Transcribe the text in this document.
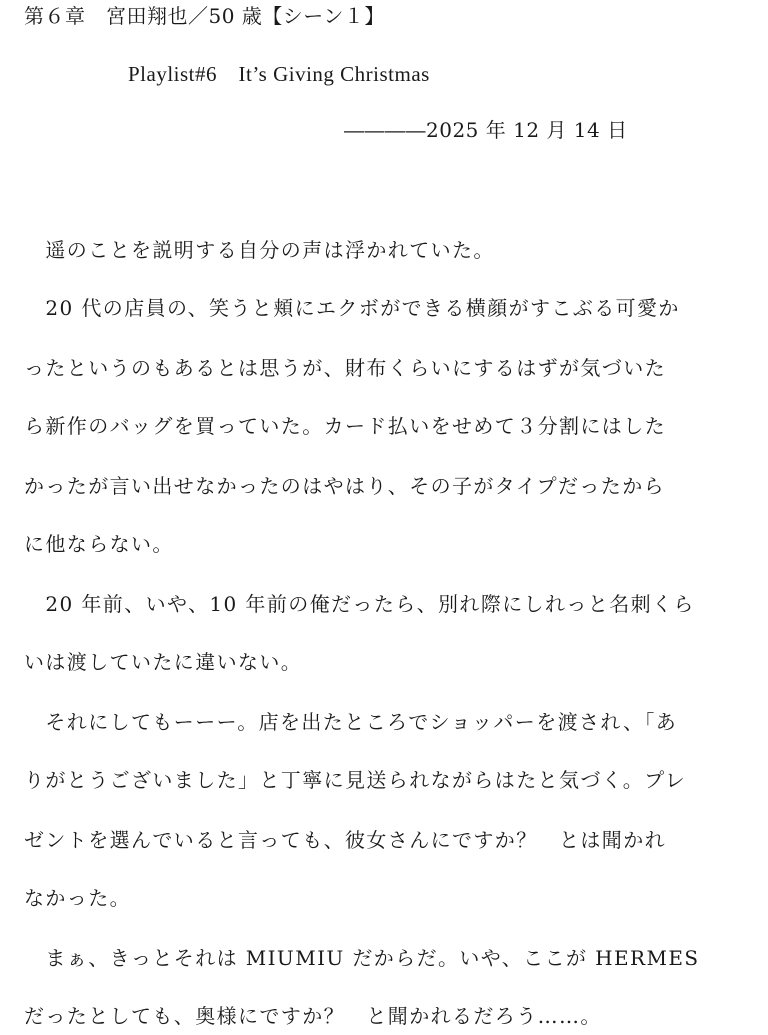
第６章　宮田翔也／50 歳【シーン１】
Playlist#6　It’s Giving Christmas
――――2025 年 12 月 14 日
　遥のことを説明する自分の声は浮かれていた。
　20 代の店員の、笑うと頬にエクボができる横顔がすこぶる可愛か
ったというのもあるとは思うが、財布くらいにするはずが気づいた
ら新作のバッグを買っていた。カード払いをせめて３分割にはした
かったが言い出せなかったのはやはり、その子がタイプだったから
に他ならない。
　20 年前、いや、10 年前の俺だったら、別れ際にしれっと名刺くら
いは渡していたに違いない。
　それにしてもーーー。店を出たところでショッパーを渡され、「あ
りがとうございました」と丁寧に見送られながらはたと気づく。プレ
ゼントを選んでいると言っても、彼女さんにですか？　とは聞かれ
なかった。
　まぁ、きっとそれは MIUMIU だからだ。いや、ここが HERMES
だったとしても、奥様にですか？　と聞かれるだろう……。
